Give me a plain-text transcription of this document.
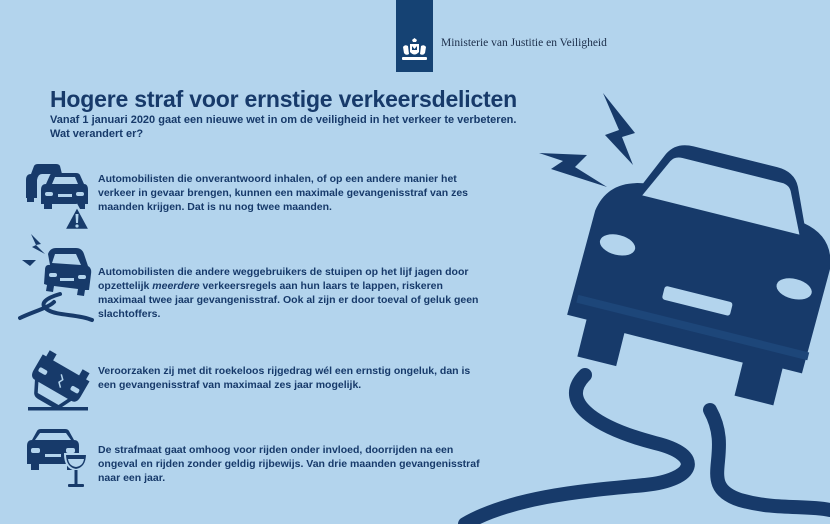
Ministerie van Justitie en Veiligheid
Hogere straf voor ernstige verkeersdelicten
Vanaf 1 januari 2020 gaat een nieuwe wet in om de veiligheid in het verkeer te verbeteren.
Wat verandert er?
Automobilisten die onverantwoord inhalen, of op een andere manier het verkeer in gevaar brengen, kunnen een maximale gevangenisstraf van zes maanden krijgen. Dat is nu nog twee maanden.
Automobilisten die andere weggebruikers de stuipen op het lijf jagen door opzettelijk meerdere verkeersregels aan hun laars te lappen, riskeren maximaal twee jaar gevangenisstraf. Ook al zijn er door toeval of geluk geen slachtoffers.
Veroorzaken zij met dit roekeloos rijgedrag wél een ernstig ongeluk, dan is een gevangenisstraf van maximaal zes jaar mogelijk.
De strafmaat gaat omhoog voor rijden onder invloed, doorrijden na een ongeval en rijden zonder geldig rijbewijs. Van drie maanden gevangenisstraf naar een jaar.
